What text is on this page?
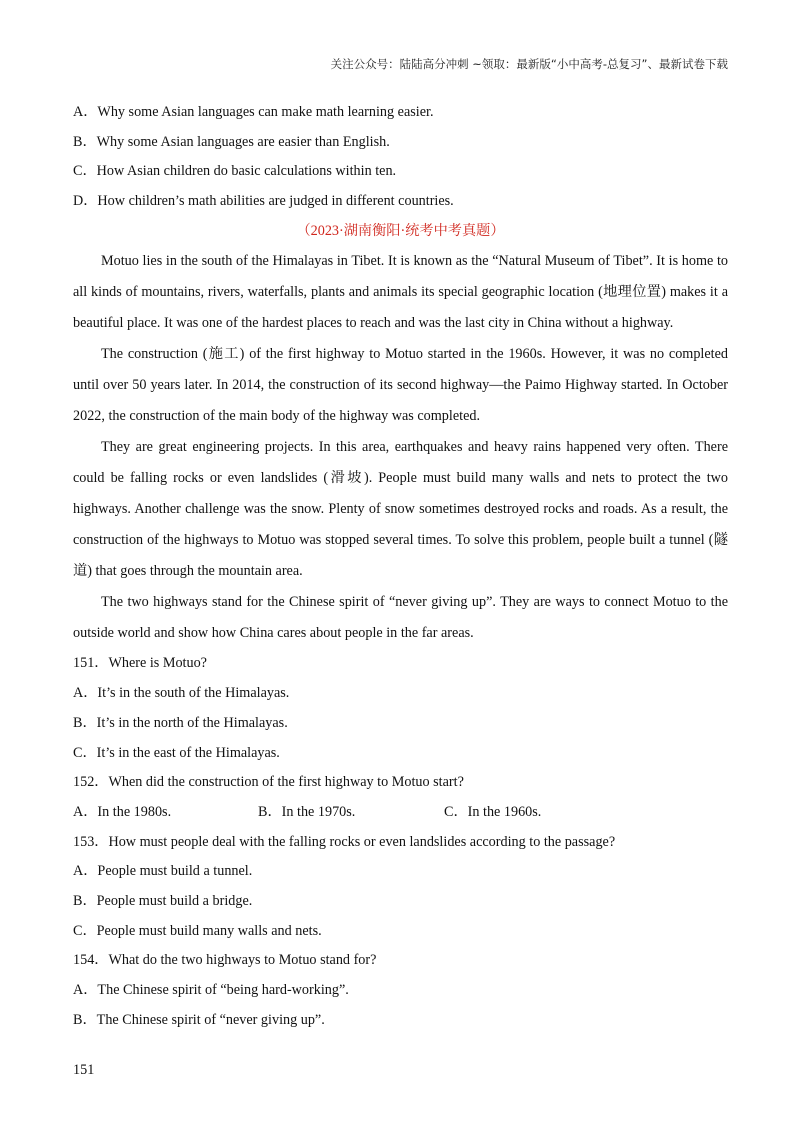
关注公众号：陆陆高分冲刺 ~领取：最新版“小中高考-总复习”、最新试卷下载
A．Why some Asian languages can make math learning easier.
B．Why some Asian languages are easier than English.
C．How Asian children do basic calculations within ten.
D．How children’s math abilities are judged in different countries.
（2023·湖南衡阳·统考中考真题）

Motuo lies in the south of the Himalayas in Tibet. It is known as the “Natural Museum of Tibet”. It is home to all kinds of mountains, rivers, waterfalls, plants and animals its special geographic location (地理位置) makes it a beautiful place. It was one of the hardest places to reach and was the last city in China without a highway.

The construction (施工) of the first highway to Motuo started in the 1960s. However, it was no completed until over 50 years later. In 2014, the construction of its second highway—the Paimo Highway started. In October 2022, the construction of the main body of the highway was completed.

They are great engineering projects. In this area, earthquakes and heavy rains happened very often. There could be falling rocks or even landslides (滑坡). People must build many walls and nets to protect the two highways. Another challenge was the snow. Plenty of snow sometimes destroyed rocks and roads. As a result, the construction of the highways to Motuo was stopped several times. To solve this problem, people built a tunnel (隧道) that goes through the mountain area.

The two highways stand for the Chinese spirit of “never giving up”. They are ways to connect Motuo to the outside world and show how China cares about people in the far areas.

151．Where is Motuo?
A．It’s in the south of the Himalayas.
B．It’s in the north of the Himalayas.
C．It’s in the east of the Himalayas.
152．When did the construction of the first highway to Motuo start?
A．In the 1980s.	B．In the 1970s.	C．In the 1960s.
153．How must people deal with the falling rocks or even landslides according to the passage?
A．People must build a tunnel.
B．People must build a bridge.
C．People must build many walls and nets.
154．What do the two highways to Motuo stand for?
A．The Chinese spirit of “being hard-working”.
B．The Chinese spirit of “never giving up”.
151
